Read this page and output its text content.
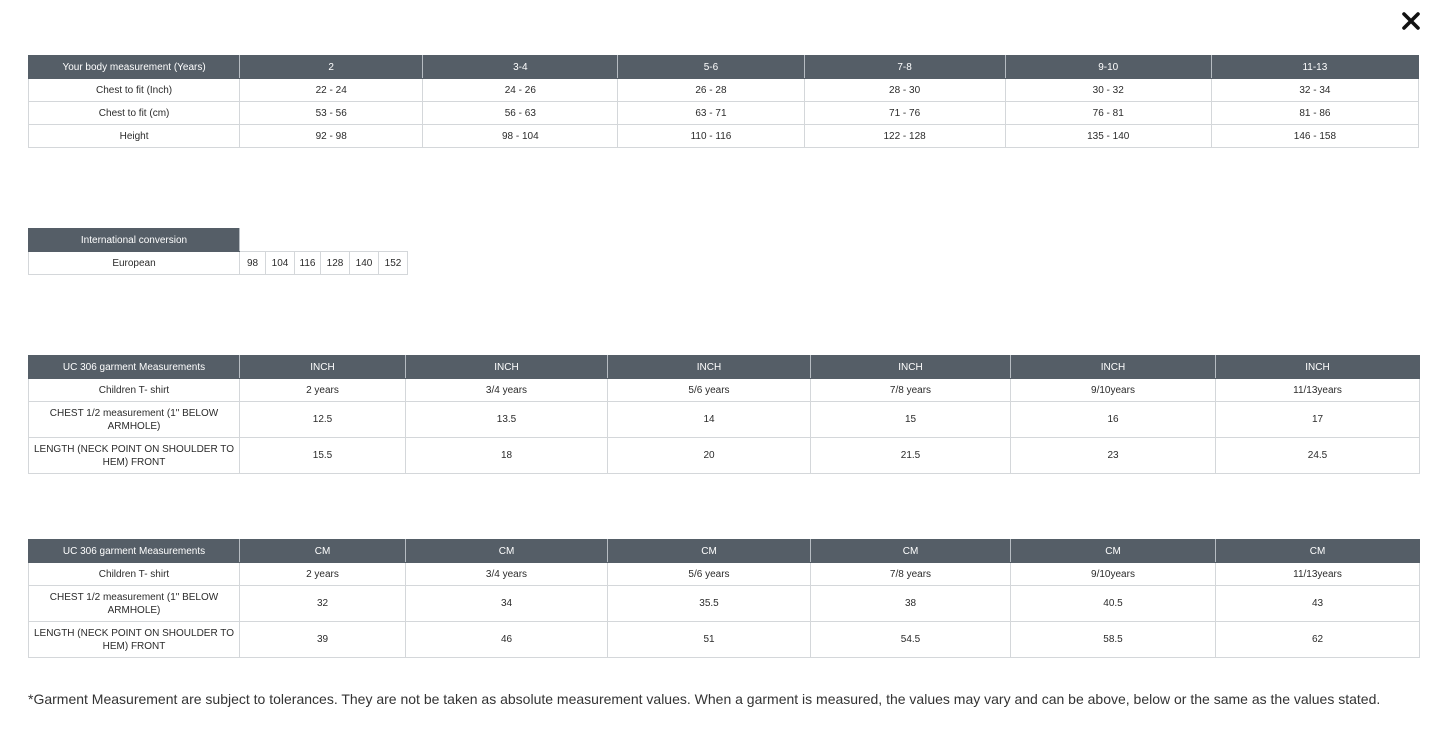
Your body measurement (Years)	2	3-4	5-6	7-8	9-10	11-13
Chest to fit (Inch)	22 - 24	24 - 26	26 - 28	28 - 30	30 - 32	32 - 34
Chest to fit (cm)	53 - 56	56 - 63	63 - 71	71 - 76	76 - 81	81 - 86
Height	92 - 98	98 - 104	110 - 116	122 - 128	135 - 140	146 - 158
International conversion						
European	98	104	116	128	140	152
UC 306 garment Measurements	INCH	INCH	INCH	INCH	INCH	INCH
Children T- shirt	2 years	3/4 years	5/6 years	7/8 years	9/10years	11/13years
CHEST 1/2 measurement (1" BELOW ARMHOLE)	12.5	13.5	14	15	16	17
LENGTH (NECK POINT ON SHOULDER TO HEM) FRONT	15.5	18	20	21.5	23	24.5
UC 306 garment Measurements	CM	CM	CM	CM	CM	CM
Children T- shirt	2 years	3/4 years	5/6 years	7/8 years	9/10years	11/13years
CHEST 1/2 measurement (1" BELOW ARMHOLE)	32	34	35.5	38	40.5	43
LENGTH (NECK POINT ON SHOULDER TO HEM) FRONT	39	46	51	54.5	58.5	62
*Garment Measurement are subject to tolerances. They are not be taken as absolute measurement values. When a garment is measured, the values may vary and can be above, below or the same as the values stated.
